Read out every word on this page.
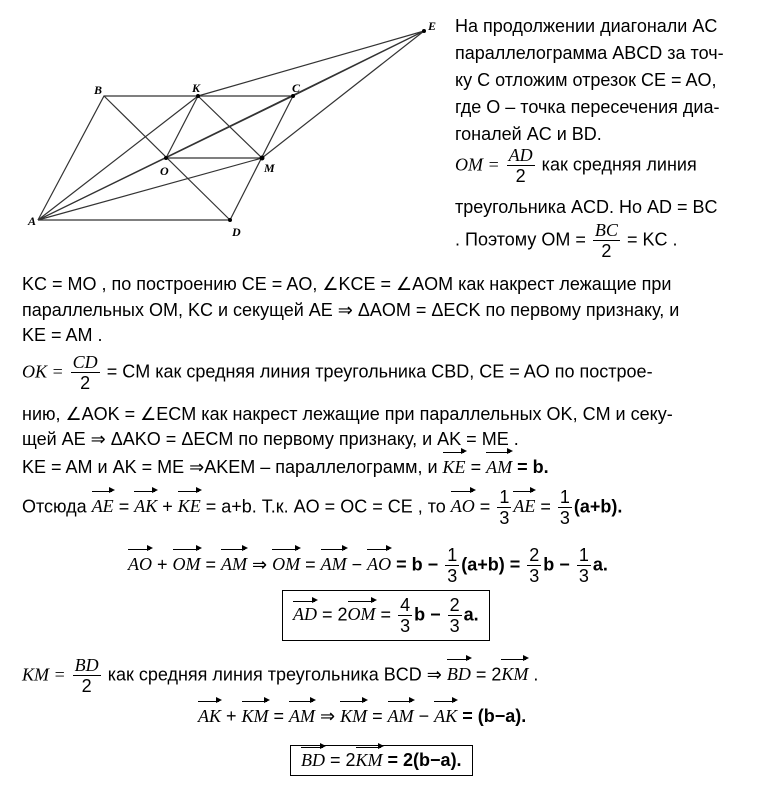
A
B	K	C
E
O	M
D
На продолжении диагонали AC
параллелограмма ABCD за точ-
ку C отложим отрезок CE = AO,
где O – точка пересечения диа-
гоналей AC и BD.
OM = $\frac{AD}{2}$ как средняя линия
треугольника ACD. Но AD = BC
. Поэтому OM = $\frac{BC}{2}$ = KC .
KC = MO , по построению CE = AO, ∠KCE = ∠AOM как накрест лежащие при
параллельных OM, KC и секущей AE ⇒ ΔAOM = ΔECK по первому признаку, и
KE = AM .
OK = $\frac{CD}{2}$ = CM как средняя линия треугольника CBD, CE = AO по построе-
нию, ∠AOK = ∠ECM как накрест лежащие при параллельных OK, CM и секу-
щей AE ⇒ ΔAKO = ΔECM по первому признаку, и AK = ME .
KE = AM и AK = ME ⇒AKEM – параллелограмм, и KE = AM = b.
Отсюда AE = AK + KE = a+b. Т.к. AO = OC = CE , то AO = $\frac{1}{3}$ AE = $\frac{1}{3} (a+b)$.
AO + OM = AM ⇒ OM = AM − AO = $b - \frac{1}{3} (a+b) = \frac{2}{3}$ $b - \frac{1}{3} a$.
AD = $2OM = \frac{4}{3}$ $b - \frac{2}{3} a$.
KM = $\frac{BD}{2}$ как средняя линия треугольника BCD ⇒ BD = 2KM .
AK + KM = AM ⇒ KM = AM − AK = (b−a).
BD = 2KM = 2(b−a).
